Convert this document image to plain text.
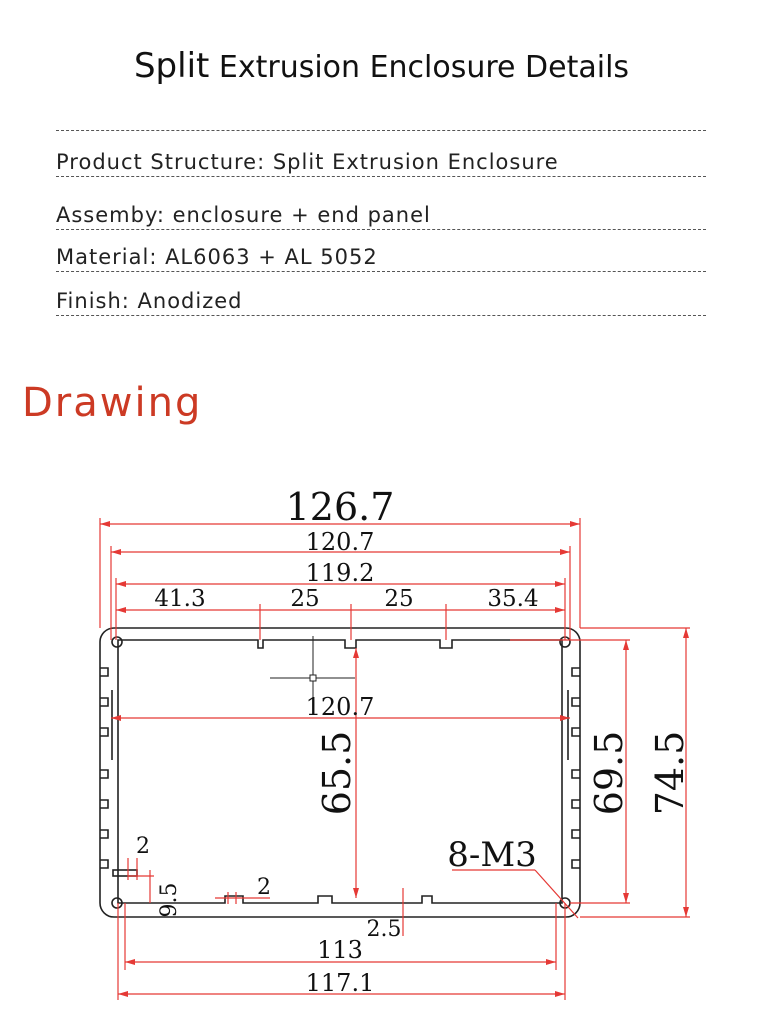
Split Extrusion Enclosure Details
Product Structure: Split Extrusion Enclosure
Assemby: enclosure + end panel
Material: AL6063 + AL 5052
Finish: Anodized
Drawing
126.7
120.7
119.2
41.3	25	25	35.4
120.7
65.5	69.5 74.5
8-M3
2
9.5	2
2.5
113
117.1
